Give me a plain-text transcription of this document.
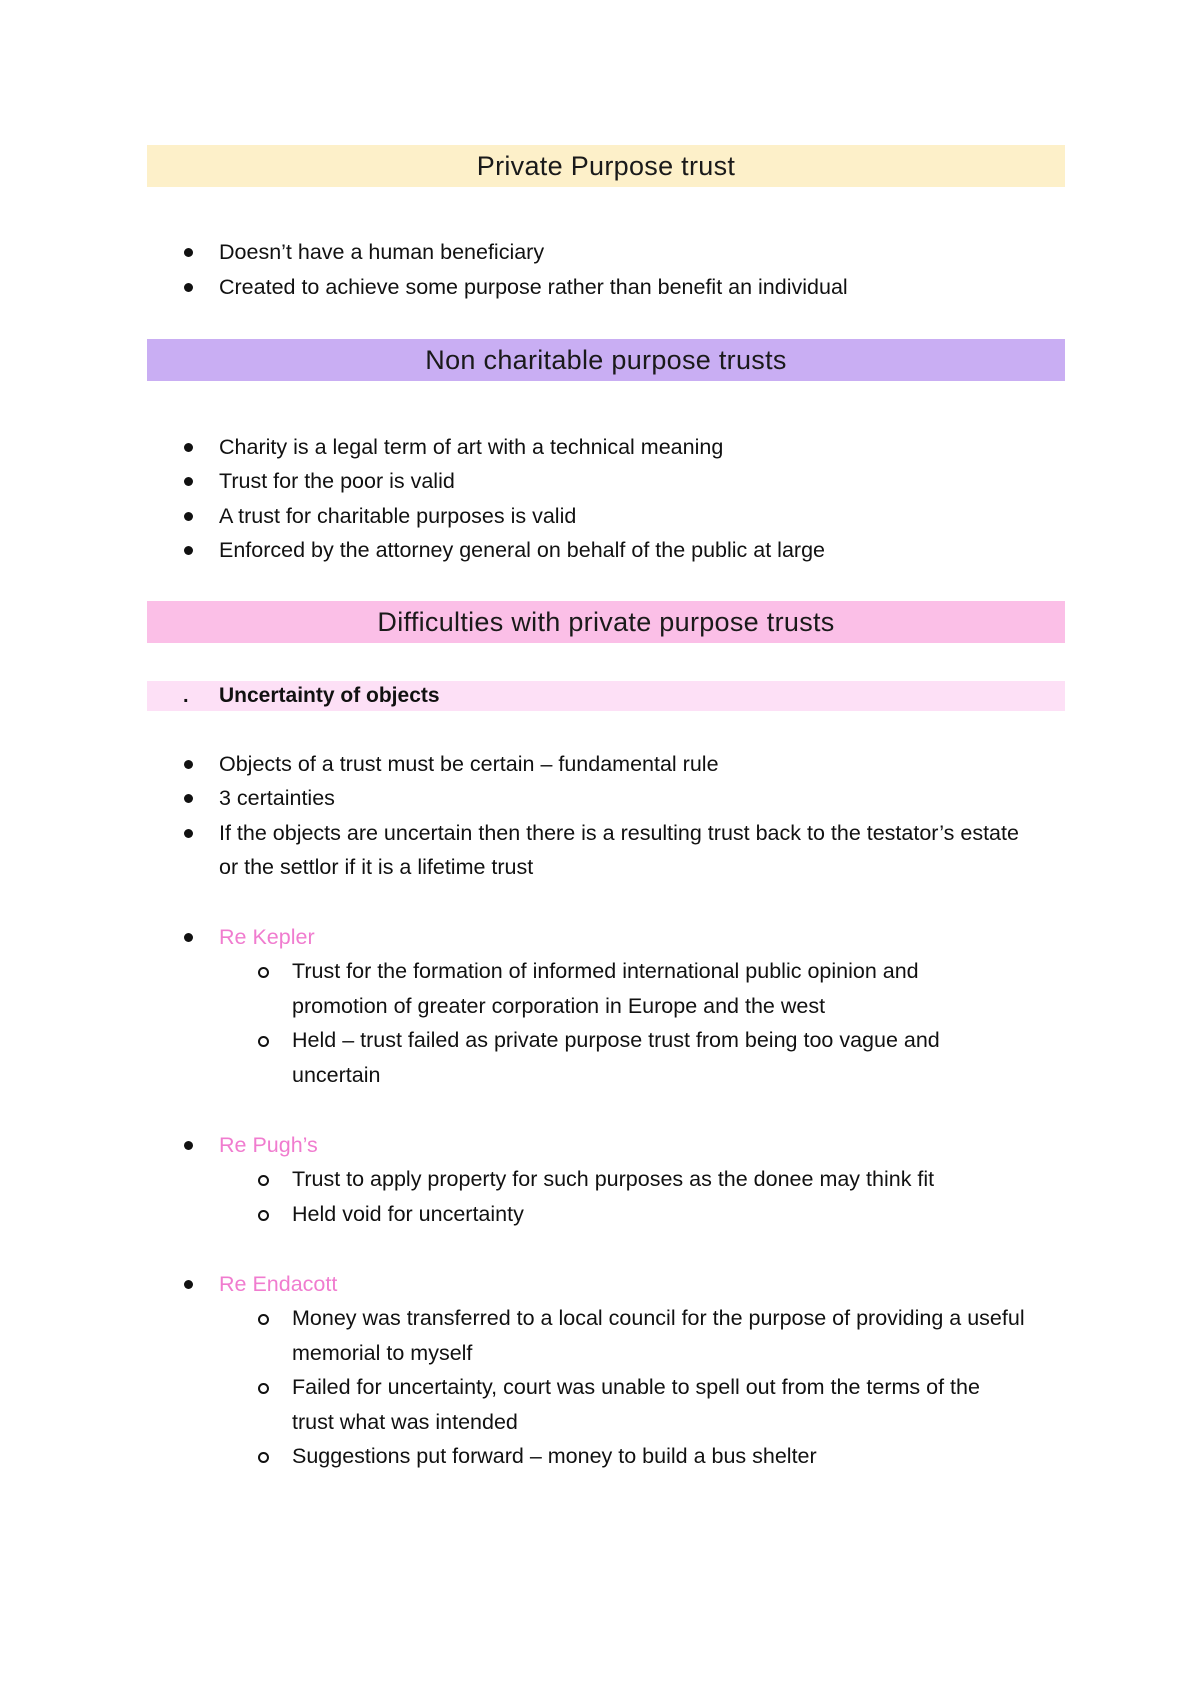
Private Purpose trust
Doesn’t have a human beneficiary
Created to achieve some purpose rather than benefit an individual
Non charitable purpose trusts
Charity is a legal term of art with a technical meaning
Trust for the poor is valid
A trust for charitable purposes is valid
Enforced by the attorney general on behalf of the public at large
Difficulties with private purpose trusts
. Uncertainty of objects
Objects of a trust must be certain – fundamental rule
3 certainties
If the objects are uncertain then there is a resulting trust back to the testator’s estate
or the settlor if it is a lifetime trust
Re Kepler
Trust for the formation of informed international public opinion and
promotion of greater corporation in Europe and the west
Held – trust failed as private purpose trust from being too vague and
uncertain
Re Pugh’s
Trust to apply property for such purposes as the donee may think fit
Held void for uncertainty
Re Endacott
Money was transferred to a local council for the purpose of providing a useful
memorial to myself
Failed for uncertainty, court was unable to spell out from the terms of the
trust what was intended
Suggestions put forward – money to build a bus shelter
